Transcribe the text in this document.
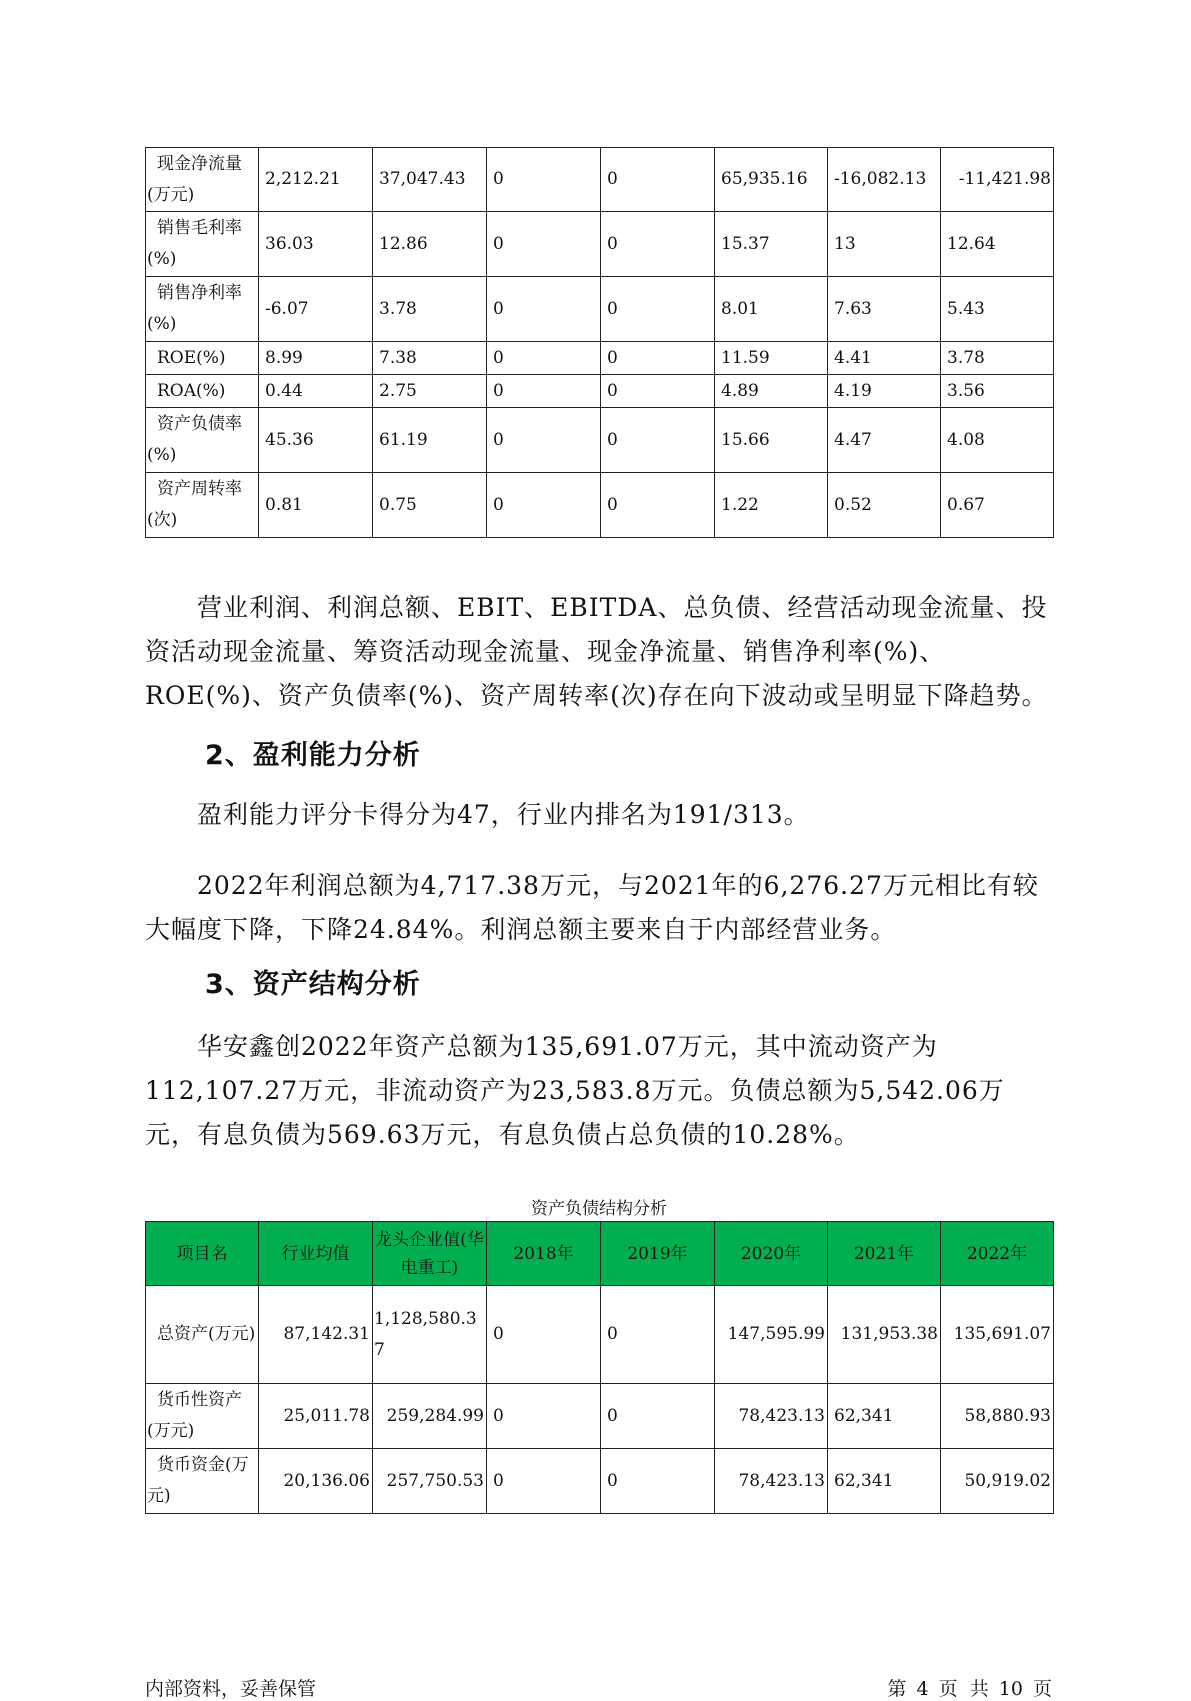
现金净流量(万元)	2,212.21	37,047.43	0	0	65,935.16	-16,082.13	-11,421.98
销售毛利率(%)	36.03	12.86	0	0	15.37	13	12.64
销售净利率(%)	-6.07	3.78	0	0	8.01	7.63	5.43
ROE(%)	8.99	7.38	0	0	11.59	4.41	3.78
ROA(%)	0.44	2.75	0	0	4.89	4.19	3.56
资产负债率(%)	45.36	61.19	0	0	15.66	4.47	4.08
资产周转率(次)	0.81	0.75	0	0	1.22	0.52	0.67
营业利润、利润总额、EBIT、EBITDA、总负债、经营活动现金流量、投资活动现金流量、筹资活动现金流量、现金净流量、销售净利率(%)、ROE(%)、资产负债率(%)、资产周转率(次)存在向下波动或呈明显下降趋势。
2、盈利能力分析
盈利能力评分卡得分为47，行业内排名为191/313。
2022年利润总额为4,717.38万元，与2021年的6,276.27万元相比有较大幅度下降，下降24.84%。利润总额主要来自于内部经营业务。
3、资产结构分析
华安鑫创2022年资产总额为135,691.07万元，其中流动资产为112,107.27万元，非流动资产为23,583.8万元。负债总额为5,542.06万元，有息负债为569.63万元，有息负债占总负债的10.28%。
资产负债结构分析
项目名	行业均值	龙头企业值(华电重工)	2018年	2019年	2020年	2021年	2022年
总资产(万元)	87,142.31	1,128,580.37	0	0	147,595.99	131,953.38	135,691.07
货币性资产(万元)	25,011.78	259,284.99	0	0	78,423.13	62,341	58,880.93
货币资金(万元)	20,136.06	257,750.53	0	0	78,423.13	62,341	50,919.02
内部资料，妥善保管	第 4 页  共 10 页
